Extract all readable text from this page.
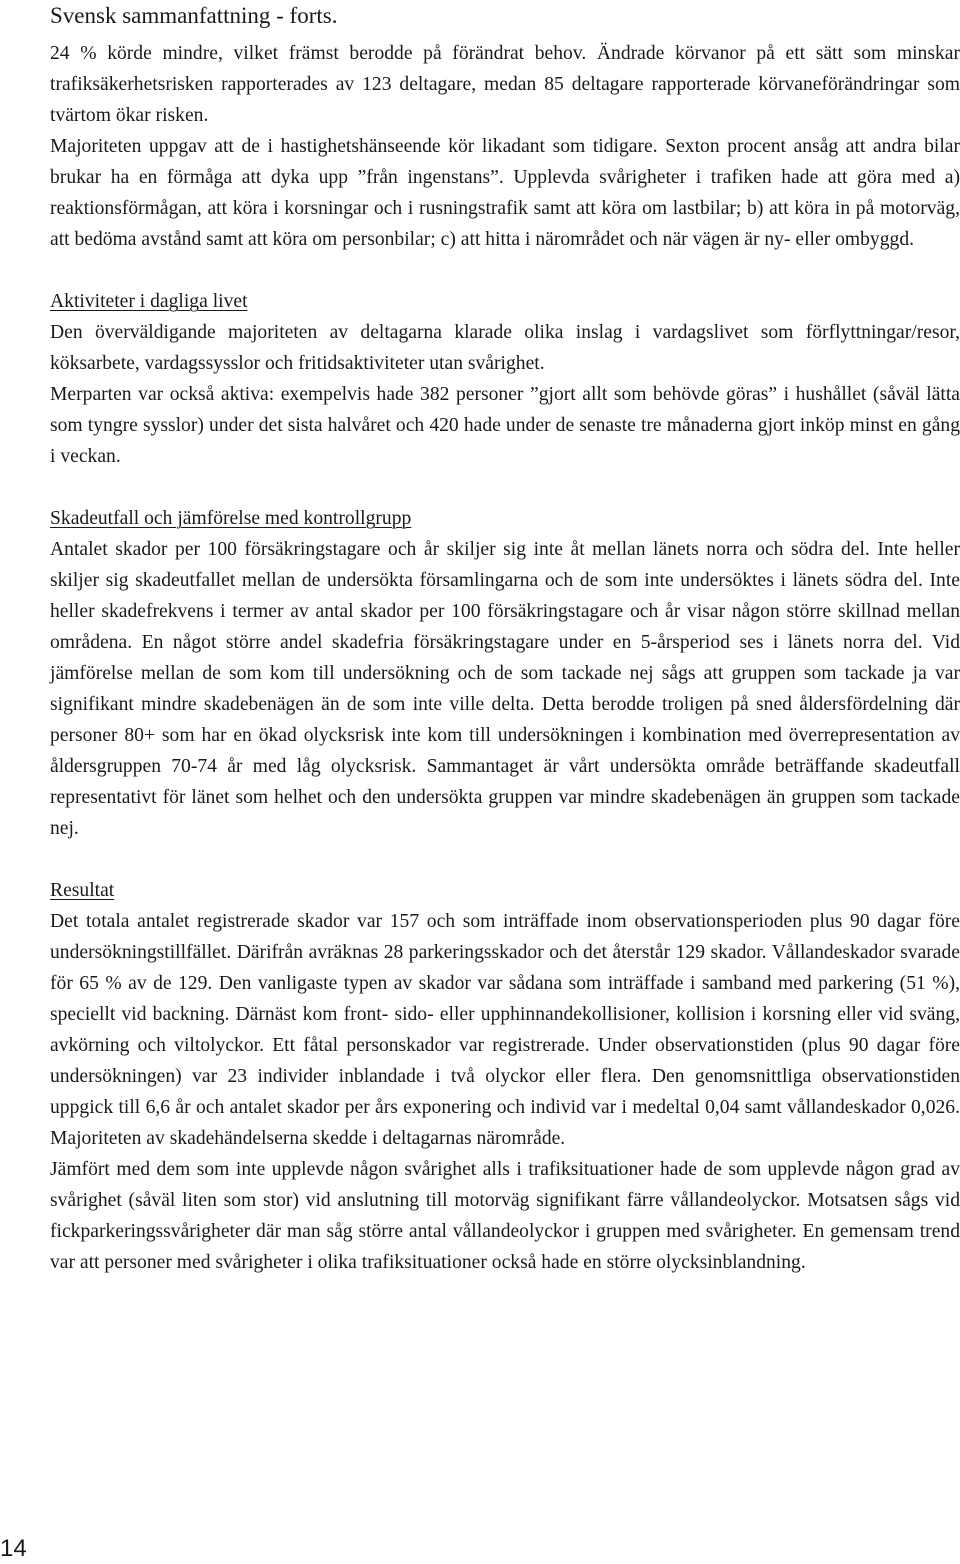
Svensk sammanfattning - forts.

24 % körde mindre, vilket främst berodde på förändrat behov. Ändrade körvanor på ett sätt som minskar trafiksäkerhetsrisken rapporterades av 123 deltagare, medan 85 deltagare rapporterade körvaneförändringar som tvärtom ökar risken.

Majoriteten uppgav att de i hastighetshänseende kör likadant som tidigare. Sexton procent ansåg att andra bilar brukar ha en förmåga att dyka upp ”från ingenstans”. Upplevda svårigheter i trafiken hade att göra med a) reaktionsförmågan, att köra i korsningar och i rusningstrafik samt att köra om lastbilar; b) att köra in på motorväg, att bedöma avstånd samt att köra om personbilar; c) att hitta i närområdet och när vägen är ny- eller ombyggd.

Aktiviteter i dagliga livet

Den överväldigande majoriteten av deltagarna klarade olika inslag i vardagslivet som förflyttningar/resor, köksarbete, vardagssysslor och fritidsaktiviteter utan svårighet.

Merparten var också aktiva: exempelvis hade 382 personer ”gjort allt som behövde göras” i hushållet (såväl lätta som tyngre sysslor) under det sista halvåret och 420 hade under de senaste tre månaderna gjort inköp minst en gång i veckan.

Skadeutfall och jämförelse med kontrollgrupp

Antalet skador per 100 försäkringstagare och år skiljer sig inte åt mellan länets norra och södra del. Inte heller skiljer sig skadeutfallet mellan de undersökta församlingarna och de som inte undersöktes i länets södra del. Inte heller skadefrekvens i termer av antal skador per 100 försäkringstagare och år visar någon större skillnad mellan områdena. En något större andel skadefria försäkringstagare under en 5-årsperiod ses i länets norra del. Vid jämförelse mellan de som kom till undersökning och de som tackade nej sågs att gruppen som tackade ja var signifikant mindre skadebenägen än de som inte ville delta. Detta berodde troligen på sned åldersfördelning där personer 80+ som har en ökad olycksrisk inte kom till undersökningen i kombination med överrepresentation av åldersgruppen 70-74 år med låg olycksrisk. Sammantaget är vårt undersökta område beträffande skadeutfall representativt för länet som helhet och den undersökta gruppen var mindre skadebenägen än gruppen som tackade nej.

Resultat

Det totala antalet registrerade skador var 157 och som inträffade inom observationsperioden plus 90 dagar före undersökningstillfället. Därifrån avräknas 28 parkeringsskador och det återstår 129 skador. Vållandeskador svarade för 65 % av de 129. Den vanligaste typen av skador var sådana som inträffade i samband med parkering (51 %), speciellt vid backning. Därnäst kom front- sido- eller upphinnandekollisioner, kollision i korsning eller vid sväng, avkörning och viltolyckor. Ett fåtal personskador var registrerade. Under observationstiden (plus 90 dagar före undersökningen) var 23 individer inblandade i två olyckor eller flera. Den genomsnittliga observationstiden uppgick till 6,6 år och antalet skador per års exponering och individ var i medeltal 0,04 samt vållandeskador 0,026. Majoriteten av skadehändelserna skedde i deltagarnas närområde.

Jämfört med dem som inte upplevde någon svårighet alls i trafiksituationer hade de som upplevde någon grad av svårighet (såväl liten som stor) vid anslutning till motorväg signifikant färre vållandeolyckor. Motsatsen sågs vid fickparkeringssvårigheter där man såg större antal vållandeolyckor i gruppen med svårigheter. En gemensam trend var att personer med svårigheter i olika trafiksituationer också hade en större olycksinblandning.

14
